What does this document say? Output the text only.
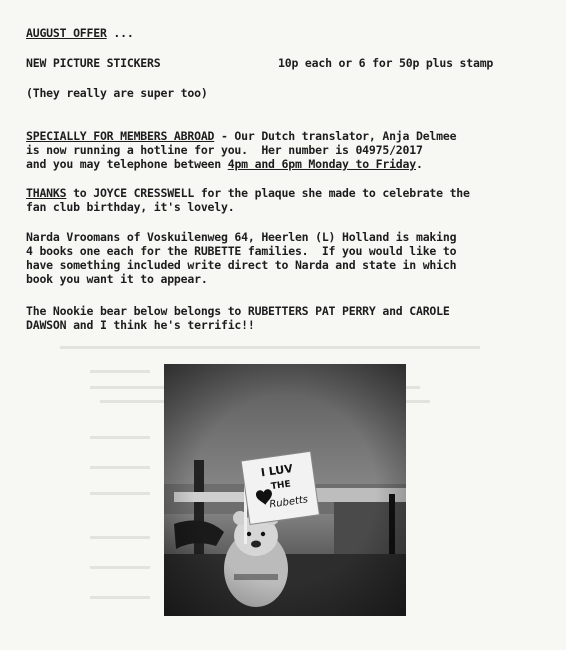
AUGUST OFFER ...
NEW PICTURE STICKERS	10p each or 6 for 50p plus stamp
(They really are super too)
SPECIALLY FOR MEMBERS ABROAD - Our Dutch translator, Anja Delmee
is now running a hotline for you.  Her number is 04975/2017
and you may telephone between 4pm and 6pm Monday to Friday.
THANKS to JOYCE CRESSWELL for the plaque she made to celebrate the
fan club birthday, it's lovely.
Narda Vroomans of Voskuilenweg 64, Heerlen (L) Holland is making
4 books one each for the RUBETTE families.  If you would like to
have something included write direct to Narda and state in which
book you want it to appear.
The Nookie bear below belongs to RUBETTERS PAT PERRY and CAROLE
DAWSON and I think he's terrific!!
